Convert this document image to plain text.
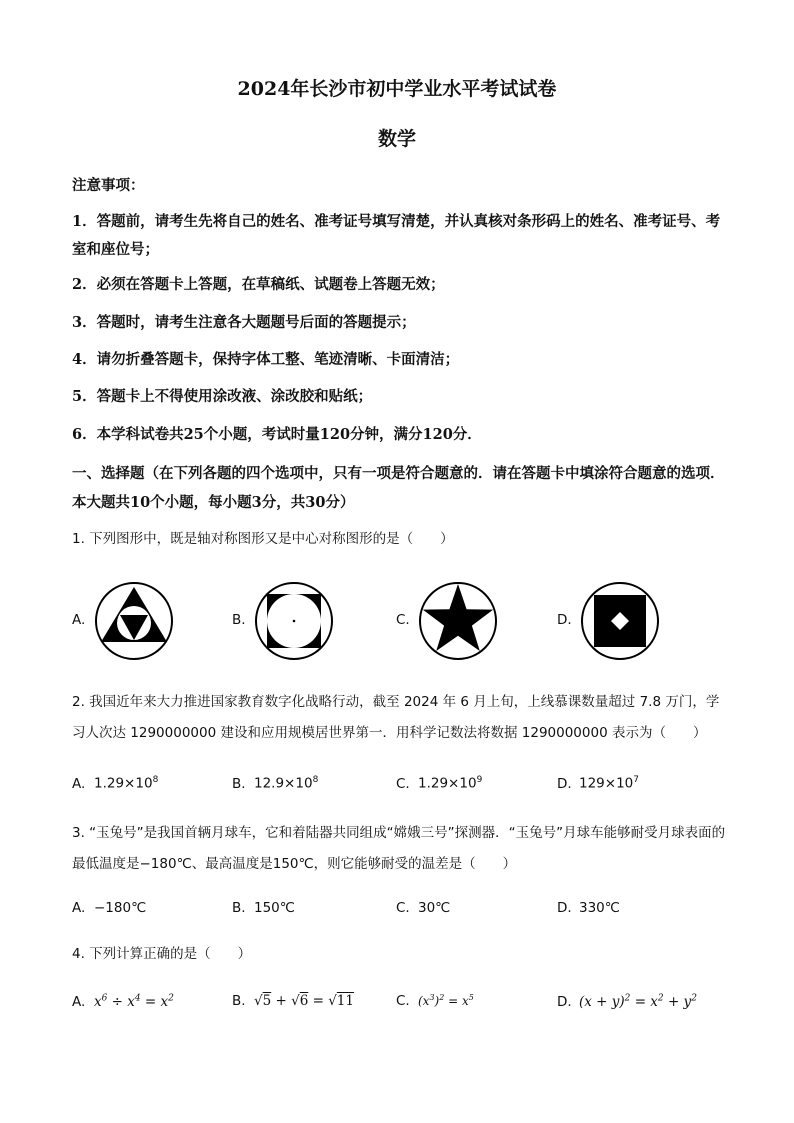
2024年长沙市初中学业水平考试试卷
数学
注意事项：
1．答题前，请考生先将自己的姓名、准考证号填写清楚，并认真核对条形码上的姓名、准考证号、考室和座位号；
2．必须在答题卡上答题，在草稿纸、试题卷上答题无效；
3．答题时，请考生注意各大题题号后面的答题提示；
4．请勿折叠答题卡，保持字体工整、笔迹清晰、卡面清洁；
5．答题卡上不得使用涂改液、涂改胶和贴纸；
6．本学科试卷共25个小题，考试时量120分钟，满分120分．
一、选择题（在下列各题的四个选项中，只有一项是符合题意的．请在答题卡中填涂符合题意的选项．本大题共10个小题，每小题3分，共30分）
1. 下列图形中，既是轴对称图形又是中心对称图形的是（　　）
A.	B.	C.	D.
2. 我国近年来大力推进国家教育数字化战略行动，截至 2024 年 6 月上旬，上线慕课数量超过 7.8 万门，学习人次达 1290000000 建设和应用规模居世界第一．用科学记数法将数据 1290000000 表示为（　　）
A. $1.29\times 10^8$	B. $12.9\times 10^8$	C. $1.29\times 10^9$	D. $129\times 10^7$
3. “玉兔号”是我国首辆月球车，它和着陆器共同组成“嫦娥三号”探测器．“玉兔号”月球车能够耐受月球表面的最低温度是−180℃、最高温度是150℃，则它能够耐受的温差是（　　）
A. −180℃	B. 150℃	C. 30℃	D. 330℃
4. 下列计算正确的是（　　）
A. $x^6 \div x^4 = x^2$	B. √5 + √6 = √11	C. $(x^3)^2 = x^5$	D. $(x + y)^2 = x^2 + y^2$
